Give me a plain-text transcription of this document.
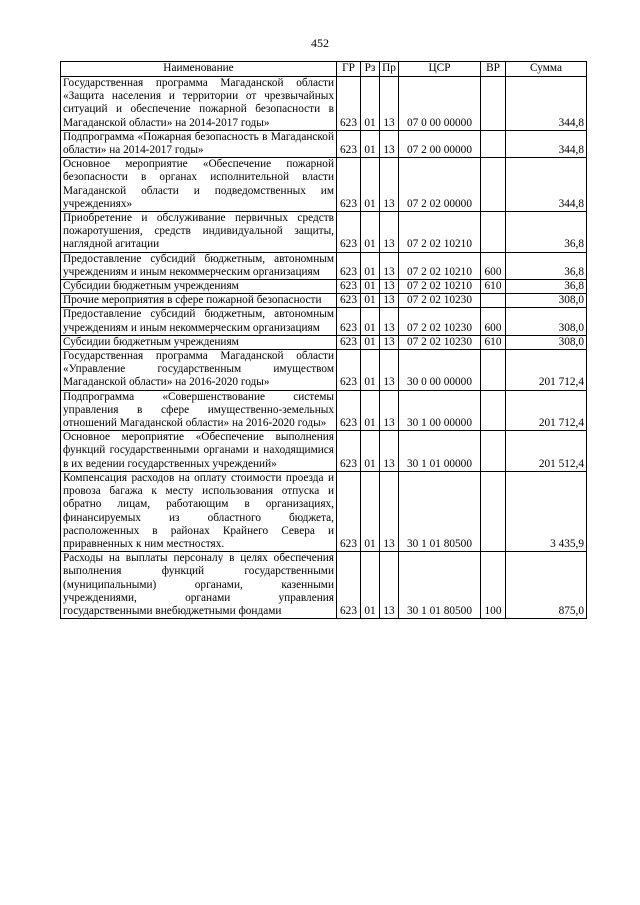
452
Наименование	ГР	Рз	Пр	ЦСР	ВР	Сумма
Государственная программа Магаданской области «Защита населения и территории от чрезвычайных ситуаций и обеспечение пожарной безопасности в Магаданской области» на 2014-2017 годы»	623	01	13	07 0 00 00000		344,8
Подпрограмма «Пожарная безопасность в Магаданской области» на 2014-2017 годы»	623	01	13	07 2 00 00000		344,8
Основное мероприятие «Обеспечение пожарной безопасности в органах исполнительной власти Магаданской области и подведомственных им учреждениях»	623	01	13	07 2 02 00000		344,8
Приобретение и обслуживание первичных средств пожаротушения, средств индивидуальной защиты, наглядной агитации	623	01	13	07 2 02 10210		36,8
Предоставление субсидий бюджетным, автономным учреждениям и иным некоммерческим организациям	623	01	13	07 2 02 10210	600	36,8
Субсидии бюджетным учреждениям	623	01	13	07 2 02 10210	610	36,8
Прочие мероприятия в сфере пожарной безопасности	623	01	13	07 2 02 10230		308,0
Предоставление субсидий бюджетным, автономным учреждениям и иным некоммерческим организациям	623	01	13	07 2 02 10230	600	308,0
Субсидии бюджетным учреждениям	623	01	13	07 2 02 10230	610	308,0
Государственная программа Магаданской области «Управление государственным имуществом Магаданской области» на 2016-2020 годы»	623	01	13	30 0 00 00000		201 712,4
Подпрограмма «Совершенствование системы управления в сфере имущественно-земельных отношений Магаданской области» на 2016-2020 годы»	623	01	13	30 1 00 00000		201 712,4
Основное мероприятие «Обеспечение выполнения функций государственными органами и находящимися в их ведении государственных учреждений»	623	01	13	30 1 01 00000		201 512,4
Компенсация расходов на оплату стоимости проезда и провоза багажа к месту использования отпуска и обратно лицам, работающим в организациях, финансируемых из областного бюджета, расположенных в районах Крайнего Севера и приравненных к ним местностях.	623	01	13	30 1 01 80500		3 435,9
Расходы на выплаты персоналу в целях обеспечения выполнения функций государственными (муниципальными) органами, казенными учреждениями, органами управления государственными внебюджетными фондами	623	01	13	30 1 01 80500	100	875,0
